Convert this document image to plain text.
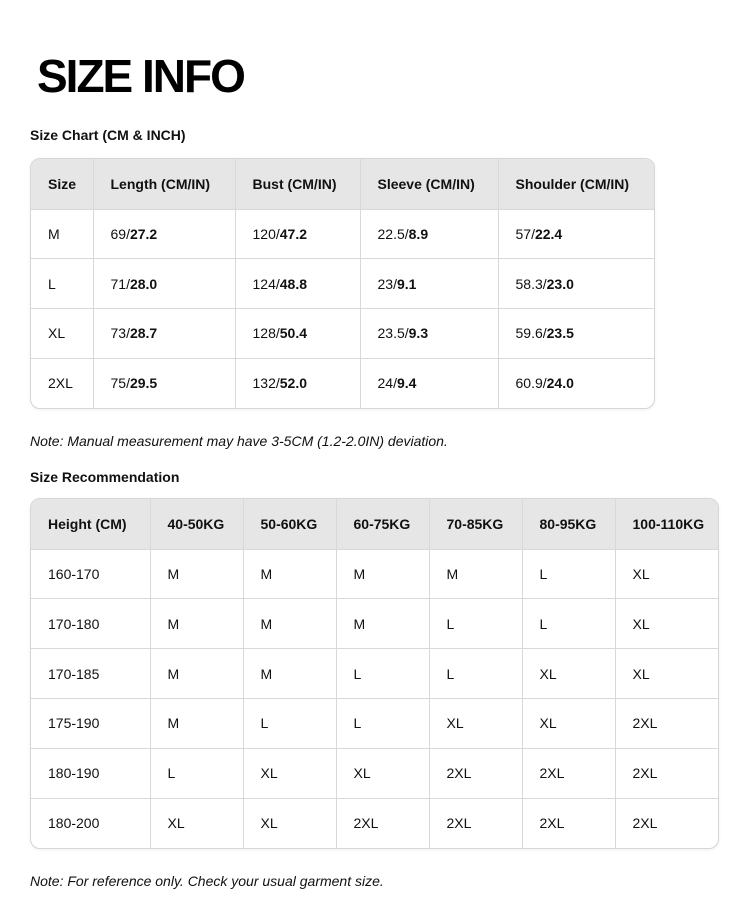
SIZE INFO
Size Chart (CM & INCH)
Size	Length (CM/IN)	Bust (CM/IN)	Sleeve (CM/IN)	Shoulder (CM/IN)
M	69/27.2	120/47.2	22.5/8.9	57/22.4
L	71/28.0	124/48.8	23/9.1	58.3/23.0
XL	73/28.7	128/50.4	23.5/9.3	59.6/23.5
2XL	75/29.5	132/52.0	24/9.4	60.9/24.0
Note: Manual measurement may have 3-5CM (1.2-2.0IN) deviation.
Size Recommendation
Height (CM)	40-50KG	50-60KG	60-75KG	70-85KG	80-95KG	100-110KG
160-170	M	M	M	M	L	XL
170-180	M	M	M	L	L	XL
170-185	M	M	L	L	XL	XL
175-190	M	L	L	XL	XL	2XL
180-190	L	XL	XL	2XL	2XL	2XL
180-200	XL	XL	2XL	2XL	2XL	2XL
Note: For reference only. Check your usual garment size.
